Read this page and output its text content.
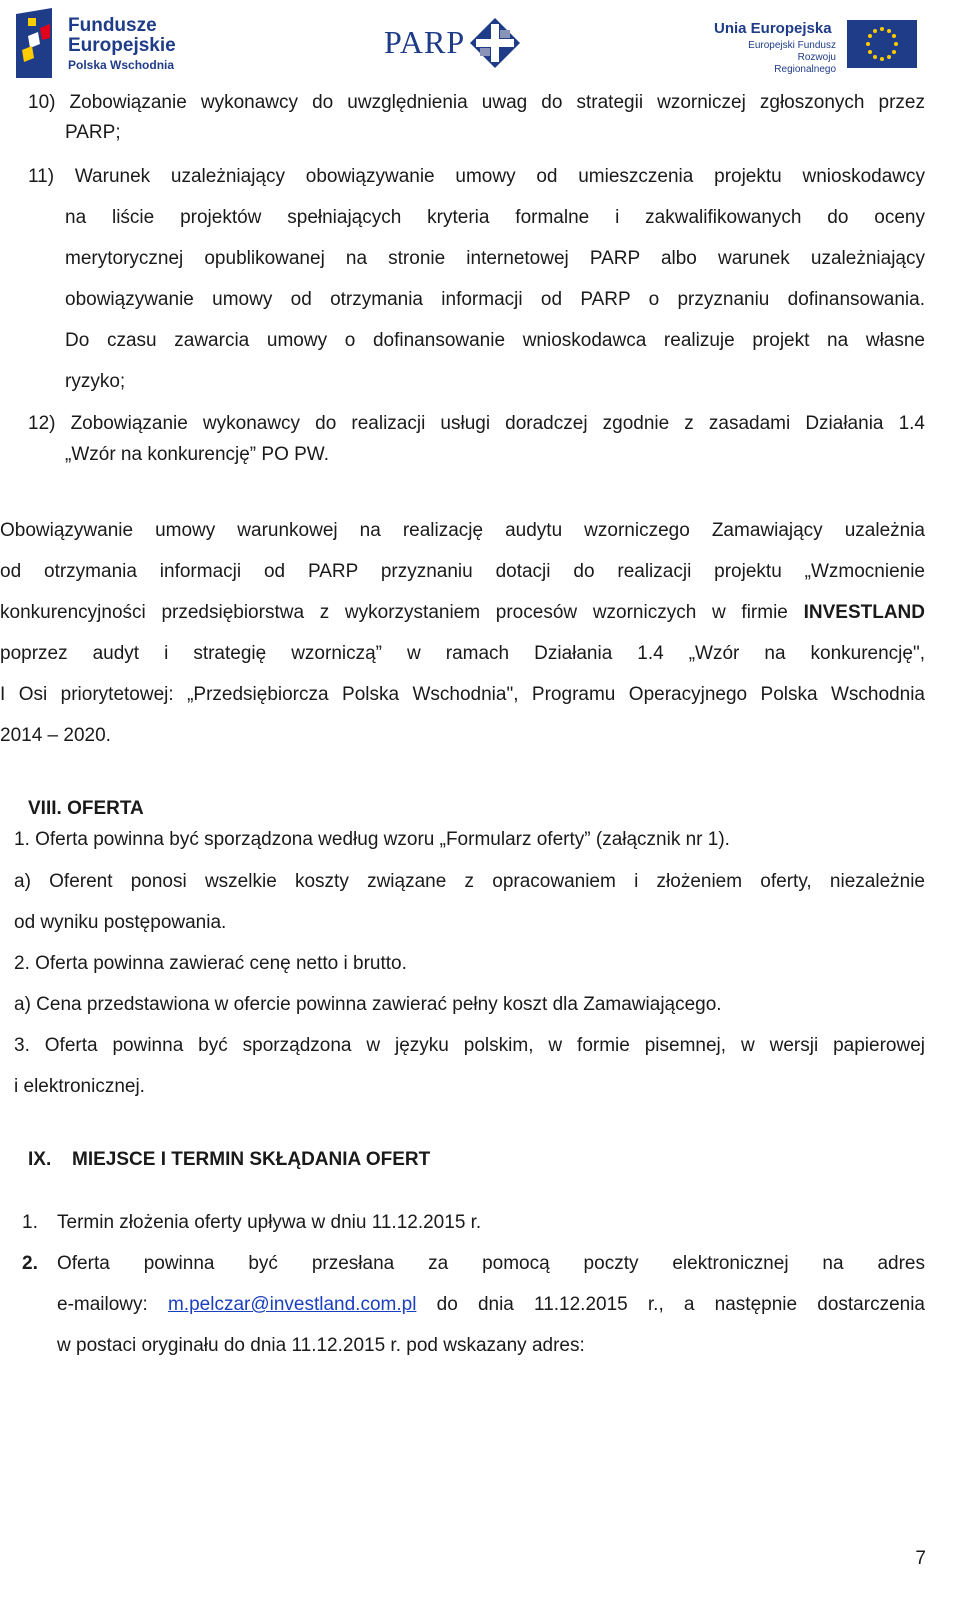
Fundusze
Europejskie
Polska Wschodnia
PARP	Unia Europejska
Europejski Fundusz
Rozwoju Regionalnego
10) Zobowiązanie wykonawcy do uwzględnienia uwag do strategii wzorniczej zgłoszonych przez
PARP;
11) Warunek uzależniający obowiązywanie umowy od umieszczenia projektu wnioskodawcy
na liście projektów spełniających kryteria formalne i zakwalifikowanych do oceny
merytorycznej opublikowanej na stronie internetowej PARP albo warunek uzależniający
obowiązywanie umowy od otrzymania informacji od PARP o przyznaniu dofinansowania.
Do czasu zawarcia umowy o dofinansowanie wnioskodawca realizuje projekt na własne
ryzyko;
12) Zobowiązanie wykonawcy do realizacji usługi doradczej zgodnie z zasadami Działania 1.4
„Wzór na konkurencję” PO PW.
Obowiązywanie umowy warunkowej na realizację audytu wzorniczego Zamawiający uzależnia
od otrzymania informacji od PARP przyznaniu dotacji do realizacji projektu „Wzmocnienie
konkurencyjności przedsiębiorstwa z wykorzystaniem procesów wzorniczych w firmie INVESTLAND
poprzez audyt i strategię wzorniczą” w ramach Działania 1.4 „Wzór na konkurencję",
I Osi priorytetowej: „Przedsiębiorcza Polska Wschodnia", Programu Operacyjnego Polska Wschodnia
2014 – 2020.
VIII. OFERTA
1. Oferta powinna być sporządzona według wzoru „Formularz oferty” (załącznik nr 1).
a) Oferent ponosi wszelkie koszty związane z opracowaniem i złożeniem oferty, niezależnie
od wyniku postępowania.
2. Oferta powinna zawierać cenę netto i brutto.
a) Cena przedstawiona w ofercie powinna zawierać pełny koszt dla Zamawiającego.
3. Oferta powinna być sporządzona w języku polskim, w formie pisemnej, w wersji papierowej
i elektronicznej.
IX. MIEJSCE I TERMIN SKŁĄDANIA OFERT
1. Termin złożenia oferty upływa w dniu 11.12.2015 r.
2. Oferta powinna być przesłana za pomocą poczty elektronicznej na adres
e-mailowy: m.pelczar@investland.com.pl do dnia 11.12.2015 r., a następnie dostarczenia
w postaci oryginału do dnia 11.12.2015 r. pod wskazany adres:
7
